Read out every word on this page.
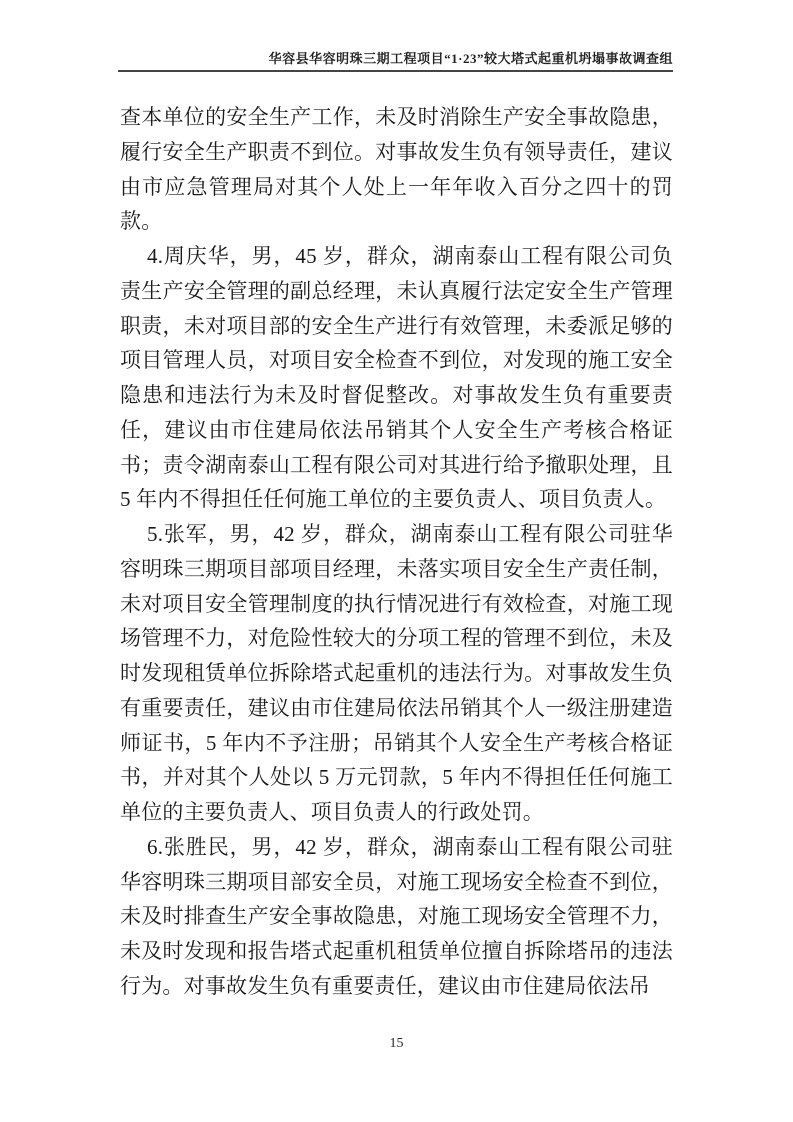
华容县华容明珠三期工程项目“1·23”较大塔式起重机坍塌事故调查组

查本单位的安全生产工作，未及时消除生产安全事故隐患，履行安全生产职责不到位。对事故发生负有领导责任，建议由市应急管理局对其个人处上一年年收入百分之四十的罚款。

4.周庆华，男，45 岁，群众，湖南泰山工程有限公司负责生产安全管理的副总经理，未认真履行法定安全生产管理职责，未对项目部的安全生产进行有效管理，未委派足够的项目管理人员，对项目安全检查不到位，对发现的施工安全隐患和违法行为未及时督促整改。对事故发生负有重要责任，建议由市住建局依法吊销其个人安全生产考核合格证书；责令湖南泰山工程有限公司对其进行给予撤职处理，且 5 年内不得担任任何施工单位的主要负责人、项目负责人。

5.张军，男，42 岁，群众，湖南泰山工程有限公司驻华容明珠三期项目部项目经理，未落实项目安全生产责任制，未对项目安全管理制度的执行情况进行有效检查，对施工现场管理不力，对危险性较大的分项工程的管理不到位，未及时发现租赁单位拆除塔式起重机的违法行为。对事故发生负有重要责任，建议由市住建局依法吊销其个人一级注册建造师证书，5 年内不予注册；吊销其个人安全生产考核合格证书，并对其个人处以 5 万元罚款，5 年内不得担任任何施工单位的主要负责人、项目负责人的行政处罚。

6.张胜民，男，42 岁，群众，湖南泰山工程有限公司驻华容明珠三期项目部安全员，对施工现场安全检查不到位，未及时排查生产安全事故隐患，对施工现场安全管理不力，未及时发现和报告塔式起重机租赁单位擅自拆除塔吊的违法行为。对事故发生负有重要责任，建议由市住建局依法吊

15
